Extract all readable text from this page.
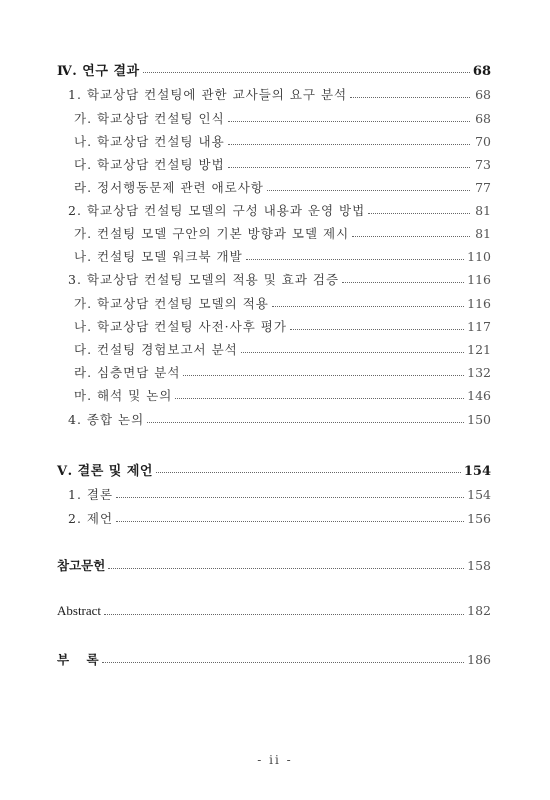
Ⅳ. 연구 결과	68
1. 학교상담 컨설팅에 관한 교사들의 요구 분석	68
가. 학교상담 컨설팅 인식	68
나. 학교상담 컨설팅 내용	70
다. 학교상담 컨설팅 방법	73
라. 정서행동문제 관련 애로사항	77
2. 학교상담 컨설팅 모델의 구성 내용과 운영 방법	81
가. 컨설팅 모델 구안의 기본 방향과 모델 제시	81
나. 컨설팅 모델 워크북 개발	110
3. 학교상담 컨설팅 모델의 적용 및 효과 검증	116
가. 학교상담 컨설팅 모델의 적용	116
나. 학교상담 컨설팅 사전·사후 평가	117
다. 컨설팅 경험보고서 분석	121
라. 심층면담 분석	132
마. 해석 및 논의	146
4. 종합 논의	150
Ⅴ. 결론 및 제언	154
1. 결론	154
2. 제언	156
참고문헌	158
Abstract	182
부    록	186
- ii -
